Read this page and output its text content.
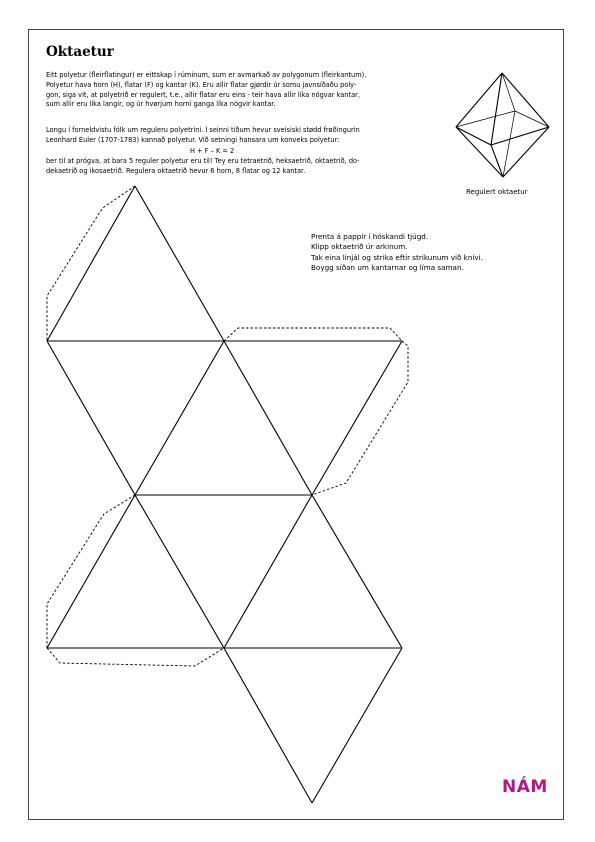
Oktaetur

Eitt polyetur (fleirflatingur) er eittskap í rúminum, sum er avmarkað av polygonum (fleirkantum).
Polyetur hava horn (H), flatar (F) og kantar (K). Eru allir flatar gjørdir úr somu javnsíðaðu poly-
gon, siga vit, at polyetrið er regulert, t.e., allir flatar eru eins - teir hava allir líka nógvar kantar,
sum allir eru líka langir, og úr hvørjum horni ganga líka nógvir kantar.

Longu í forneldvistu fólk um reguleru polyetrini. Í seinni tíðum hevur sveisiski stødd frøðingurin
Leonhard Euler (1707-1783) kannað polyetur. Við setningi hansara um konveks polyetur:

H + F – K = 2

ber til at prógva, at bara 5 reguler polyetur eru til! Tey eru tetraetrið, heksaetrið, oktaetrið, do-
dekaetrið og ikosaetrið. Regulera oktaetrið hevur 6 horn, 8 flatar og 12 kantar.

Prenta á pappír í hóskandi tjúgd.
Klipp oktaetrið úr arkinum.
Tak eina linjál og strika eftir strikunum við knívi.
Boygg síðan um kantarnar og líma saman.
Regulert oktaetur
NÁM
